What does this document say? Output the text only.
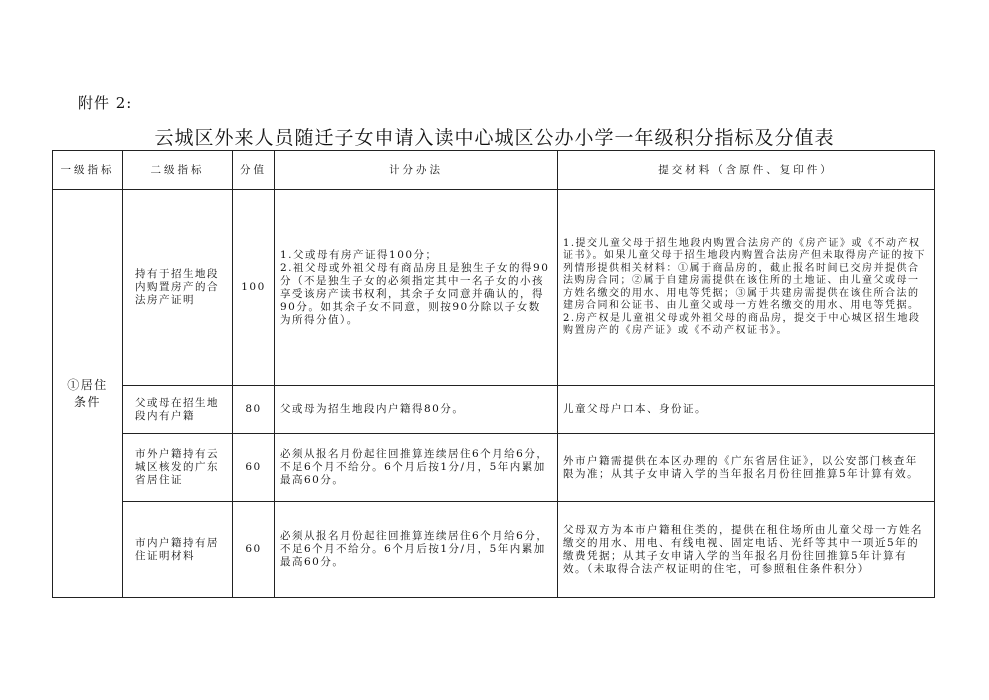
附件 2:
云城区外来人员随迁子女申请入读中心城区公办小学一年级积分指标及分值表
一级指标	二级指标	分值	计分办法	提交材料（含原件、复印件）
①居住条件	持有于招生地段内购置房产的合法房产证明	100	1.父或母有房产证得100分；
2.祖父母或外祖父母有商品房且是独生子女的得90分（不是独生子女的必须指定其中一名子女的小孩享受该房产读书权利，其余子女同意并确认的，得90分。如其余子女不同意，则按90分除以子女数为所得分值）。	1.提交儿童父母于招生地段内购置合法房产的《房产证》或《不动产权证书》。如果儿童父母于招生地段内购置合法房产但未取得房产证的按下列情形提供相关材料：①属于商品房的，截止报名时间已交房并提供合法购房合同；②属于自建房需提供在该住所的土地证、由儿童父或母一方姓名缴交的用水、用电等凭据；③属于共建房需提供在该住所合法的建房合同和公证书、由儿童父或母一方姓名缴交的用水、用电等凭据。
2.房产权是儿童祖父母或外祖父母的商品房，提交于中心城区招生地段购置房产的《房产证》或《不动产权证书》。
	父或母在招生地段内有户籍	80	父或母为招生地段内户籍得80分。	儿童父母户口本、身份证。
	市外户籍持有云城区核发的广东省居住证	60	必须从报名月份起往回推算连续居住6个月给6分，不足6个月不给分。6个月后按1分/月，5年内累加最高60分。	外市户籍需提供在本区办理的《广东省居住证》，以公安部门核查年限为准；从其子女申请入学的当年报名月份往回推算5年计算有效。
	市内户籍持有居住证明材料	60	必须从报名月份起往回推算连续居住6个月给6分，不足6个月不给分。6个月后按1分/月，5年内累加最高60分。	父母双方为本市户籍租住类的，提供在租住场所由儿童父母一方姓名缴交的用水、用电、有线电视、固定电话、光纤等其中一项近5年的缴费凭据；从其子女申请入学的当年报名月份往回推算5年计算有效。（未取得合法产权证明的住宅，可参照租住条件积分）
